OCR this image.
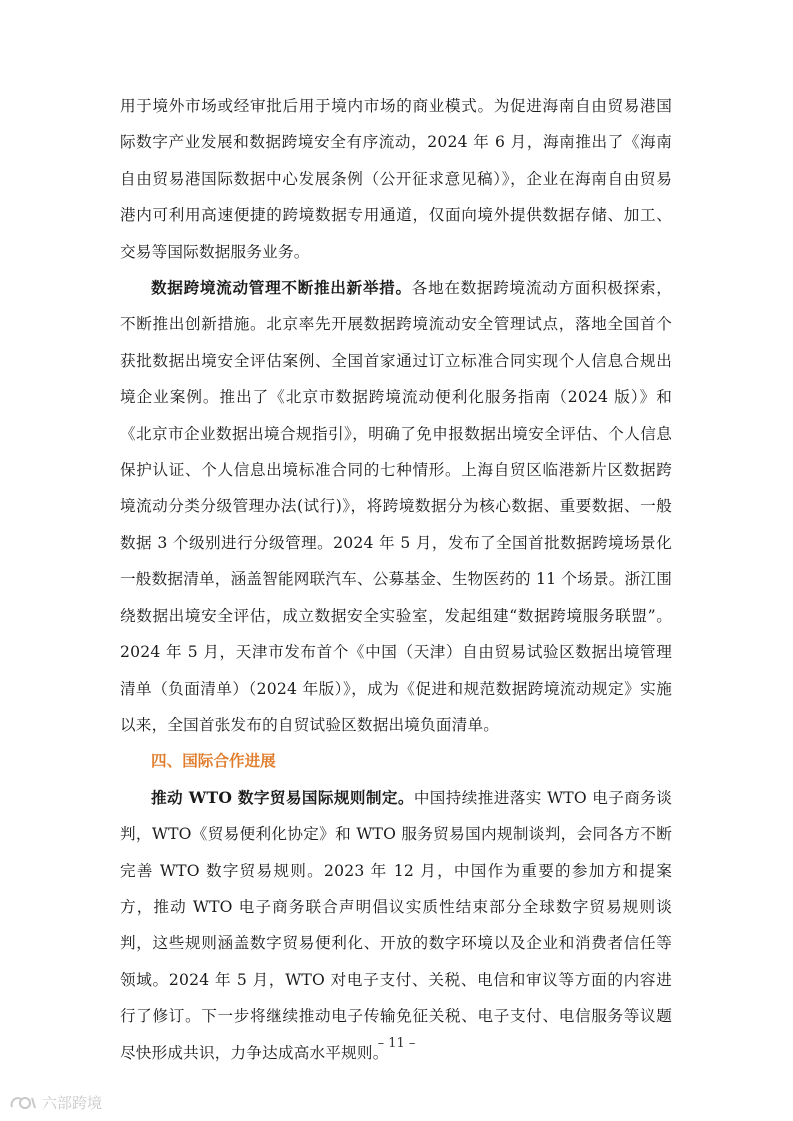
用于境外市场或经审批后用于境内市场的商业模式。为促进海南自由贸易港国际数字产业发展和数据跨境安全有序流动，2024 年 6 月，海南推出了《海南自由贸易港国际数据中心发展条例（公开征求意见稿）》，企业在海南自由贸易港内可利用高速便捷的跨境数据专用通道，仅面向境外提供数据存储、加工、交易等国际数据服务业务。

数据跨境流动管理不断推出新举措。各地在数据跨境流动方面积极探索，不断推出创新措施。北京率先开展数据跨境流动安全管理试点，落地全国首个获批数据出境安全评估案例、全国首家通过订立标准合同实现个人信息合规出境企业案例。推出了《北京市数据跨境流动便利化服务指南（2024 版）》和《北京市企业数据出境合规指引》，明确了免申报数据出境安全评估、个人信息保护认证、个人信息出境标准合同的七种情形。上海自贸区临港新片区数据跨境流动分类分级管理办法(试行)》，将跨境数据分为核心数据、重要数据、一般数据 3 个级别进行分级管理。2024 年 5 月，发布了全国首批数据跨境场景化一般数据清单，涵盖智能网联汽车、公募基金、生物医药的 11 个场景。浙江围绕数据出境安全评估，成立数据安全实验室，发起组建“数据跨境服务联盟”。2024 年 5 月，天津市发布首个《中国（天津）自由贸易试验区数据出境管理清单（负面清单）（2024 年版）》，成为《促进和规范数据跨境流动规定》实施以来，全国首张发布的自贸试验区数据出境负面清单。

四、国际合作进展

推动 WTO 数字贸易国际规则制定。中国持续推进落实 WTO 电子商务谈判，WTO《贸易便利化协定》和 WTO 服务贸易国内规制谈判，会同各方不断完善 WTO 数字贸易规则。2023 年 12 月，中国作为重要的参加方和提案方，推动 WTO 电子商务联合声明倡议实质性结束部分全球数字贸易规则谈判，这些规则涵盖数字贸易便利化、开放的数字环境以及企业和消费者信任等领域。2024 年 5 月，WTO 对电子支付、关税、电信和审议等方面的内容进行了修订。下一步将继续推动电子传输免征关税、电子支付、电信服务等议题尽快形成共识，力争达成高水平规则。

– 11 –
六部跨境
